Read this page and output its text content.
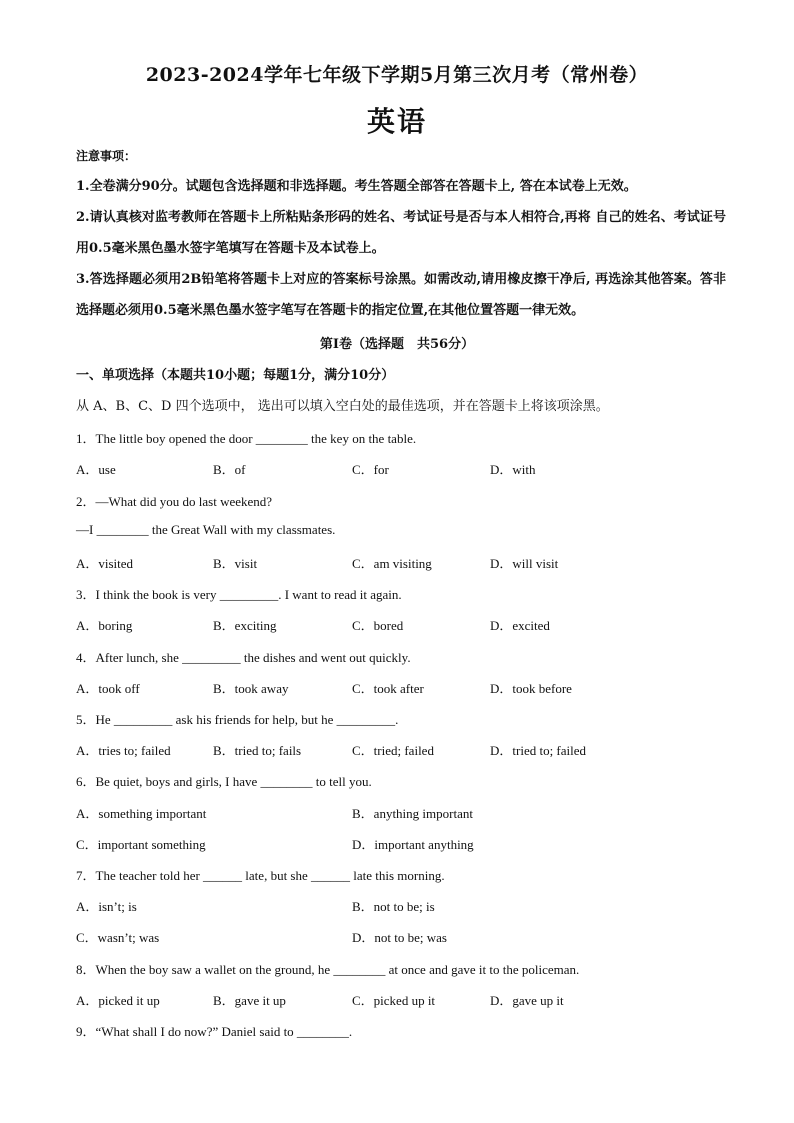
2023-2024学年七年级下学期5月第三次月考（常州卷）
英语
注意事项：
1.全卷满分90分。试题包含选择题和非选择题。考生答题全部答在答题卡上, 答在本试卷上无效。
2.请认真核对监考教师在答题卡上所粘贴条形码的姓名、考试证号是否与本人相符合,再将 自己的姓名、考试证号用0.5毫米黑色墨水签字笔填写在答题卡及本试卷上。
3.答选择题必须用2B铅笔将答题卡上对应的答案标号涂黑。如需改动,请用橡皮擦干净后, 再选涂其他答案。答非选择题必须用0.5毫米黑色墨水签字笔写在答题卡的指定位置,在其他位置答题一律无效。
第I卷（选择题　共56分）
一、单项选择（本题共10小题；每题1分，满分10分）
从 A、B、C、D 四个选项中， 选出可以填入空白处的最佳选项，并在答题卡上将该项涂黑。
1．The little boy opened the door ________ the key on the table.
A．use	B．of	C．for	D．with
2．—What did you do last weekend?
—I ________ the Great Wall with my classmates.
A．visited	B．visit	C．am visiting	D．will visit
3．I think the book is very _________. I want to read it again.
A．boring	B．exciting	C．bored	D．excited
4．After lunch, she _________ the dishes and went out quickly.
A．took off	B．took away	C．took after	D．took before
5．He _________ ask his friends for help, but he _________.
A．tries to; failed	B．tried to; fails	C．tried; failed	D．tried to; failed
6．Be quiet, boys and girls, I have ________ to tell you.
A．something important	B．anything important
C．important something	D．important anything
7．The teacher told her ______ late, but she ______ late this morning.
A．isn’t; is	B．not to be; is
C．wasn’t; was	D．not to be; was
8．When the boy saw a wallet on the ground, he ________ at once and gave it to the policeman.
A．picked it up	B．gave it up	C．picked up it	D．gave up it
9．“What shall I do now?” Daniel said to ________.
